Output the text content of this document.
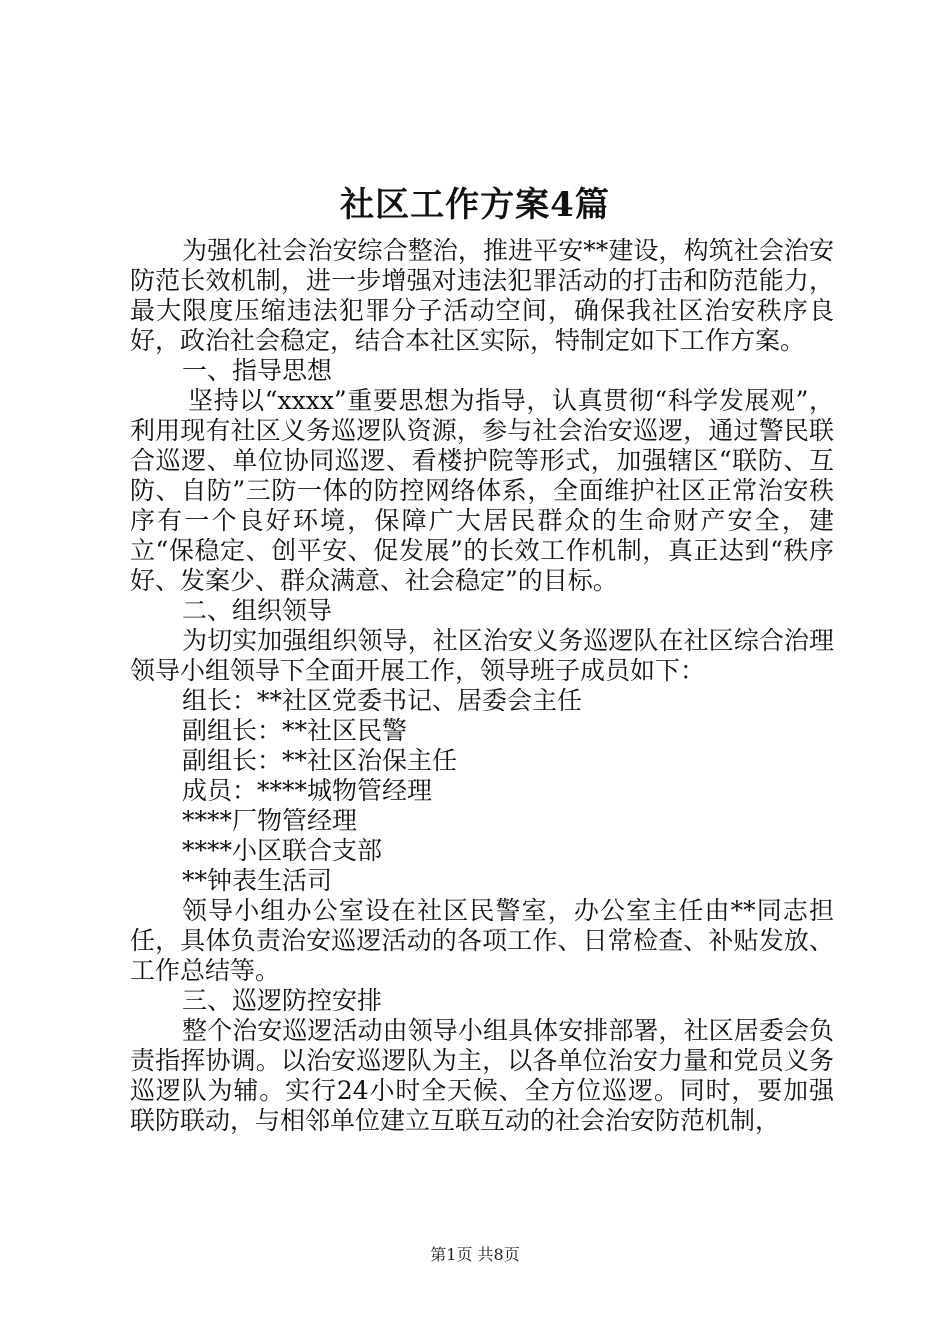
社区工作方案4篇

为强化社会治安综合整治，推进平安**建设，构筑社会治安防范长效机制，进一步增强对违法犯罪活动的打击和防范能力，最大限度压缩违法犯罪分子活动空间，确保我社区治安秩序良好，政治社会稳定，结合本社区实际，特制定如下工作方案。

一、指导思想

坚持以“xxxx”重要思想为指导，认真贯彻“科学发展观”，利用现有社区义务巡逻队资源，参与社会治安巡逻，通过警民联合巡逻、单位协同巡逻、看楼护院等形式，加强辖区“联防、互防、自防”三防一体的防控网络体系，全面维护社区正常治安秩序有一个良好环境，保障广大居民群众的生命财产安全，建立“保稳定、创平安、促发展”的长效工作机制，真正达到“秩序好、发案少、群众满意、社会稳定”的目标。

二、组织领导

为切实加强组织领导，社区治安义务巡逻队在社区综合治理领导小组领导下全面开展工作，领导班子成员如下：

组长：**社区党委书记、居委会主任

副组长：**社区民警

副组长：**社区治保主任

成员：****城物管经理

****厂物管经理

****小区联合支部

**钟表生活司

领导小组办公室设在社区民警室，办公室主任由**同志担任，具体负责治安巡逻活动的各项工作、日常检查、补贴发放、工作总结等。

三、巡逻防控安排

整个治安巡逻活动由领导小组具体安排部署，社区居委会负责指挥协调。以治安巡逻队为主，以各单位治安力量和党员义务巡逻队为辅。实行24小时全天候、全方位巡逻。同时，要加强联防联动，与相邻单位建立互联互动的社会治安防范机制，

第1页 共8页
